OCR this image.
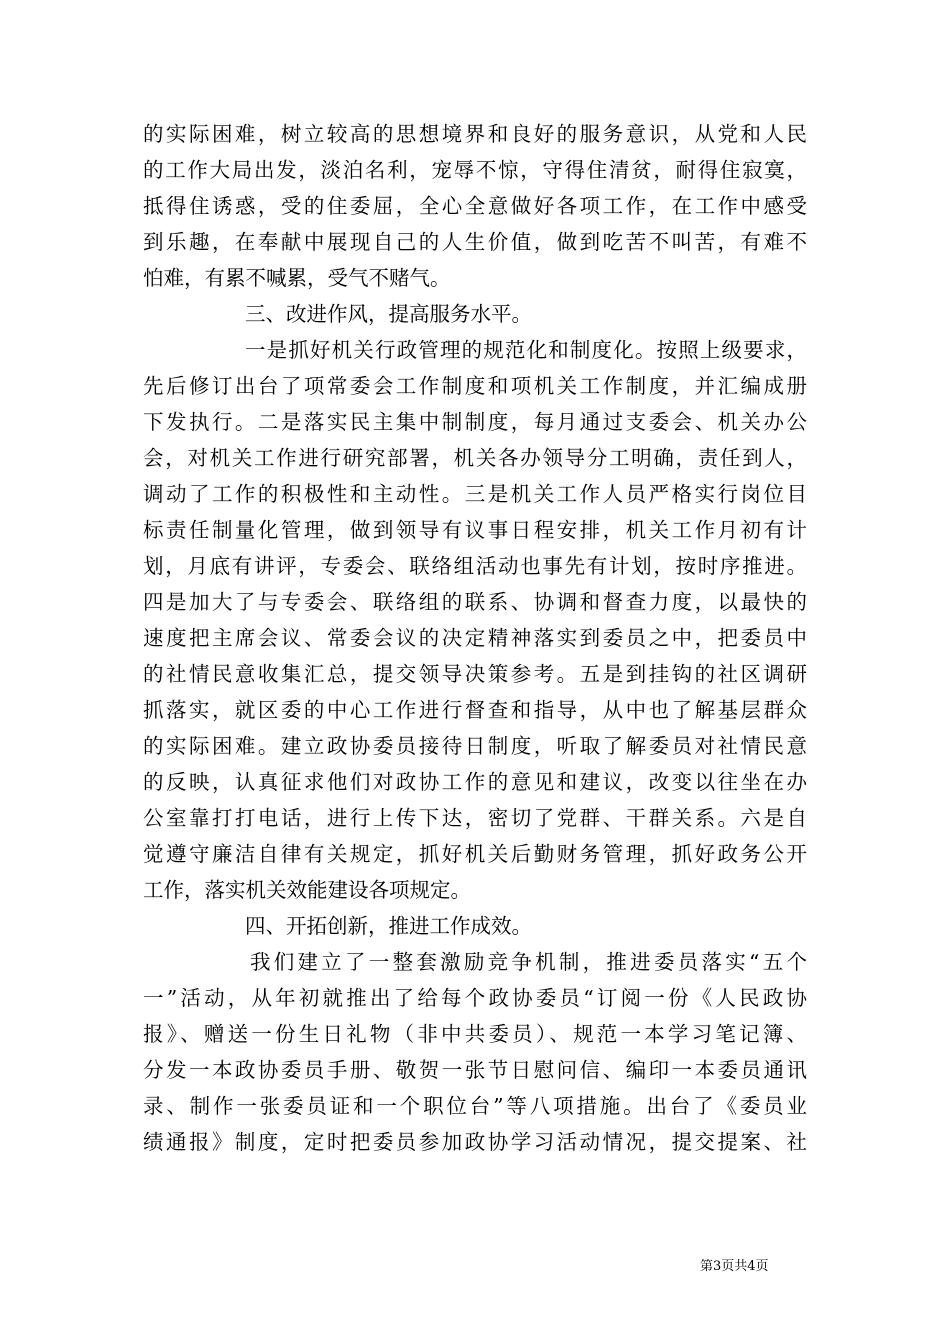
的实际困难，树立较高的思想境界和良好的服务意识，从党和人民
的工作大局出发，淡泊名利，宠辱不惊，守得住清贫，耐得住寂寞，
抵得住诱惑，受的住委屈，全心全意做好各项工作，在工作中感受
到乐趣，在奉献中展现自己的人生价值，做到吃苦不叫苦，有难不
怕难，有累不喊累，受气不赌气。
三、改进作风，提高服务水平。
一是抓好机关行政管理的规范化和制度化。按照上级要求，
先后修订出台了项常委会工作制度和项机关工作制度，并汇编成册
下发执行。二是落实民主集中制制度，每月通过支委会、机关办公
会，对机关工作进行研究部署，机关各办领导分工明确，责任到人，
调动了工作的积极性和主动性。三是机关工作人员严格实行岗位目
标责任制量化管理，做到领导有议事日程安排，机关工作月初有计
划，月底有讲评，专委会、联络组活动也事先有计划，按时序推进。
四是加大了与专委会、联络组的联系、协调和督查力度，以最快的
速度把主席会议、常委会议的决定精神落实到委员之中，把委员中
的社情民意收集汇总，提交领导决策参考。五是到挂钩的社区调研
抓落实，就区委的中心工作进行督查和指导，从中也了解基层群众
的实际困难。建立政协委员接待日制度，听取了解委员对社情民意
的反映，认真征求他们对政协工作的意见和建议，改变以往坐在办
公室靠打打电话，进行上传下达，密切了党群、干群关系。六是自
觉遵守廉洁自律有关规定，抓好机关后勤财务管理，抓好政务公开
工作，落实机关效能建设各项规定。
四、开拓创新，推进工作成效。
我们建立了一整套激励竞争机制，推进委员落实“五个
一”活动，从年初就推出了给每个政协委员“订阅一份《人民政协
报》、赠送一份生日礼物（非中共委员）、规范一本学习笔记簿、
分发一本政协委员手册、敬贺一张节日慰问信、编印一本委员通讯
录、制作一张委员证和一个职位台”等八项措施。出台了《委员业
绩通报》制度，定时把委员参加政协学习活动情况，提交提案、社
第3页共4页
